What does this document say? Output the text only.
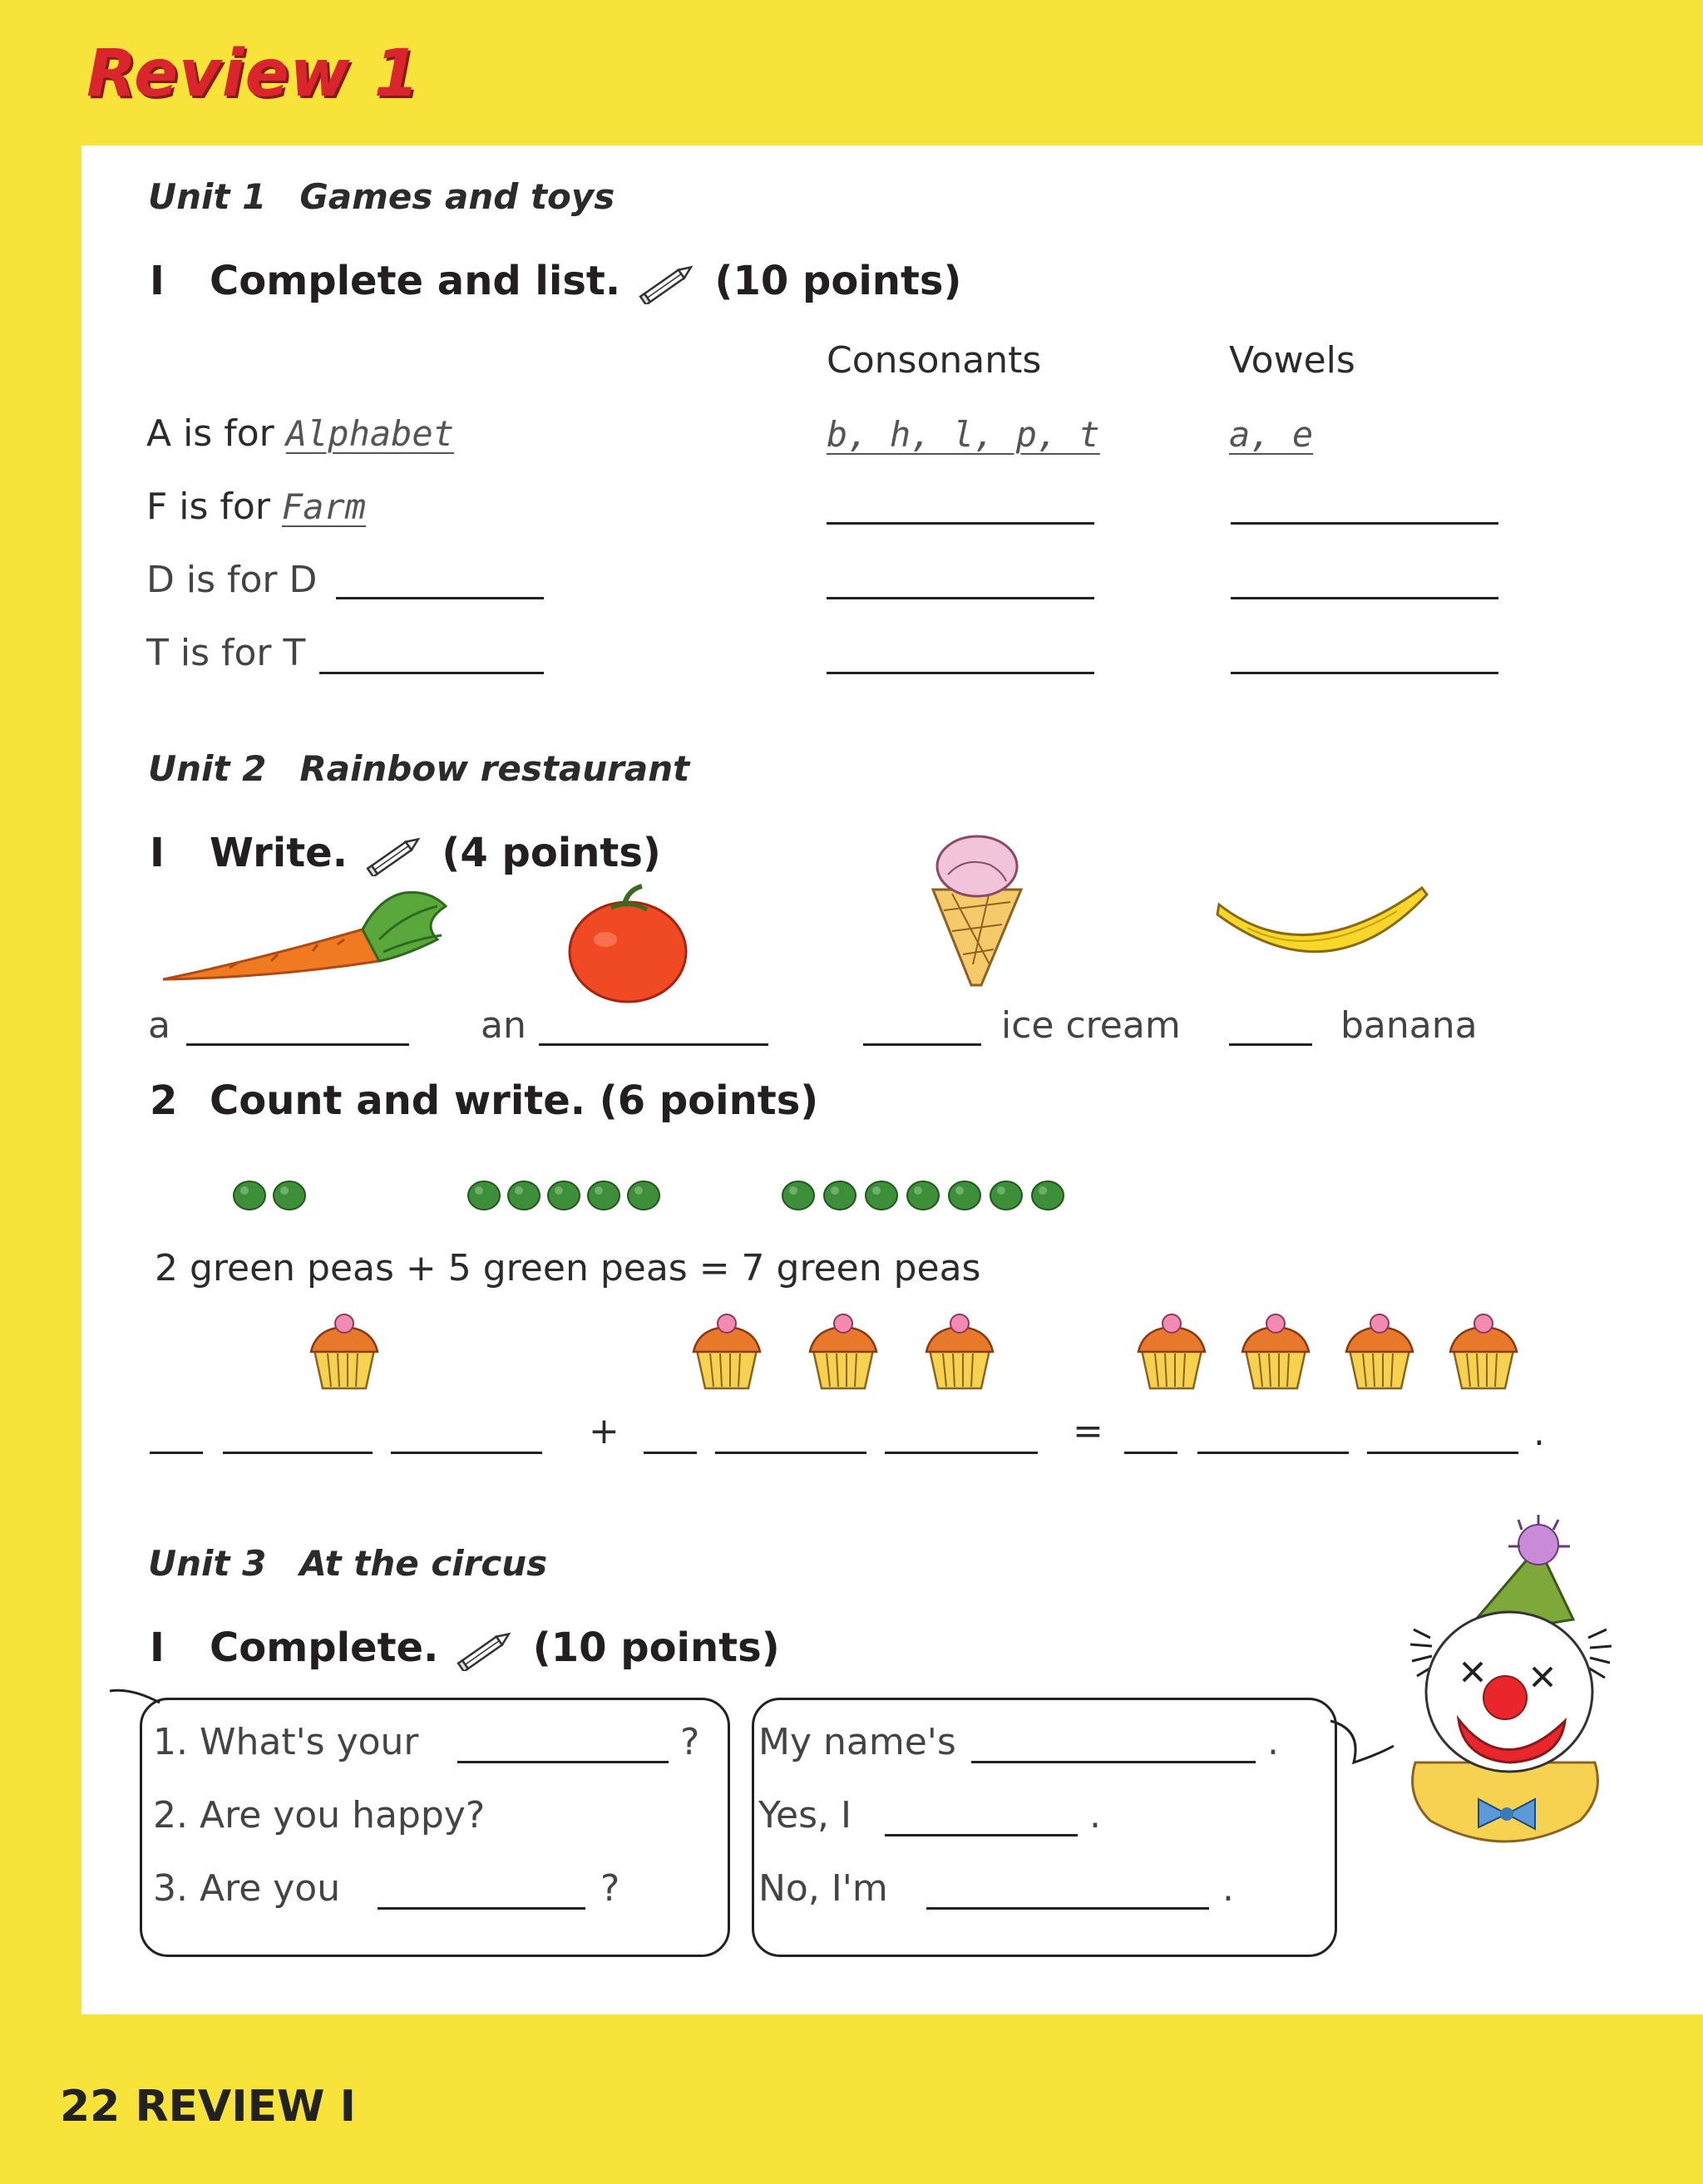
Review 1
Unit 1 Games and toys
I Complete and list. (10 points)
Consonants	Vowels
A is for Alphabet	b, h, l, p, t	a, e
F is for Farm
D is for D
T is for T
Unit 2 Rainbow restaurant
I Write. (4 points)
a	an	ice cream	banana
2 Count and write. (6 points)
2 green peas + 5 green peas = 7 green peas
+	=	.
Unit 3 At the circus
I Complete. (10 points)
1. What's your	?
2. Are you happy?
3. Are you	?
My name's	.
Yes, I	.
No, I'm	.
22 REVIEW I
